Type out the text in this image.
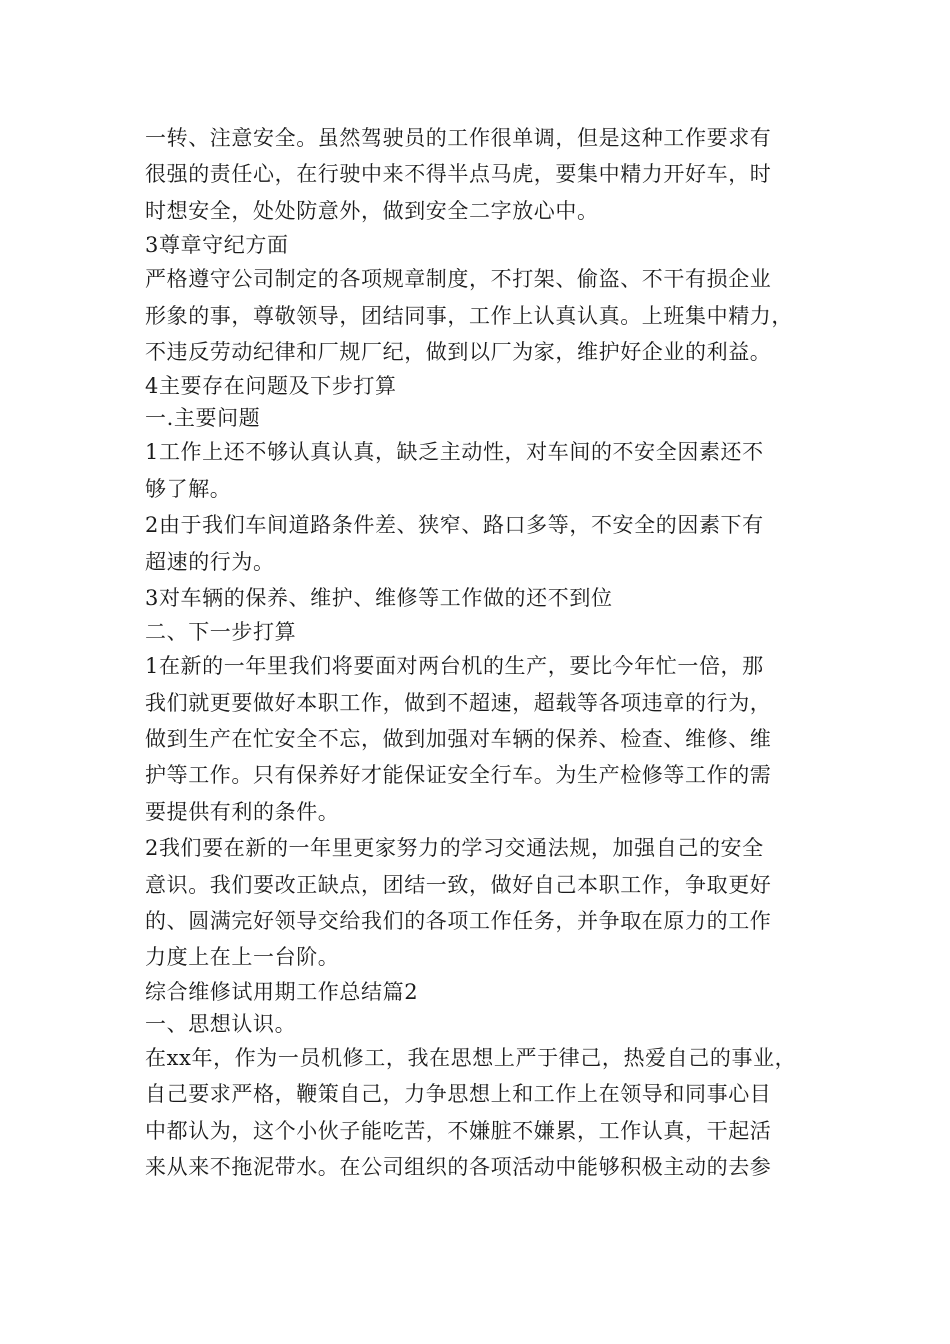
一转、注意安全。虽然驾驶员的工作很单调，但是这种工作要求有
很强的责任心，在行驶中来不得半点马虎，要集中精力开好车，时
时想安全，处处防意外，做到安全二字放心中。
3尊章守纪方面
严格遵守公司制定的各项规章制度，不打架、偷盗、不干有损企业
形象的事，尊敬领导，团结同事，工作上认真认真。上班集中精力，
不违反劳动纪律和厂规厂纪，做到以厂为家，维护好企业的利益。
4主要存在问题及下步打算
一.主要问题
1工作上还不够认真认真，缺乏主动性，对车间的不安全因素还不
够了解。
2由于我们车间道路条件差、狭窄、路口多等，不安全的因素下有
超速的行为。
3对车辆的保养、维护、维修等工作做的还不到位
二、下一步打算
1在新的一年里我们将要面对两台机的生产，要比今年忙一倍，那
我们就更要做好本职工作，做到不超速，超载等各项违章的行为，
做到生产在忙安全不忘，做到加强对车辆的保养、检查、维修、维
护等工作。只有保养好才能保证安全行车。为生产检修等工作的需
要提供有利的条件。
2我们要在新的一年里更家努力的学习交通法规，加强自己的安全
意识。我们要改正缺点，团结一致，做好自己本职工作，争取更好
的、圆满完好领导交给我们的各项工作任务，并争取在原力的工作
力度上在上一台阶。
综合维修试用期工作总结篇2
一、思想认识。
在xx年，作为一员机修工，我在思想上严于律己，热爱自己的事业，
自己要求严格，鞭策自己，力争思想上和工作上在领导和同事心目
中都认为，这个小伙子能吃苦，不嫌脏不嫌累，工作认真，干起活
来从来不拖泥带水。在公司组织的各项活动中能够积极主动的去参
